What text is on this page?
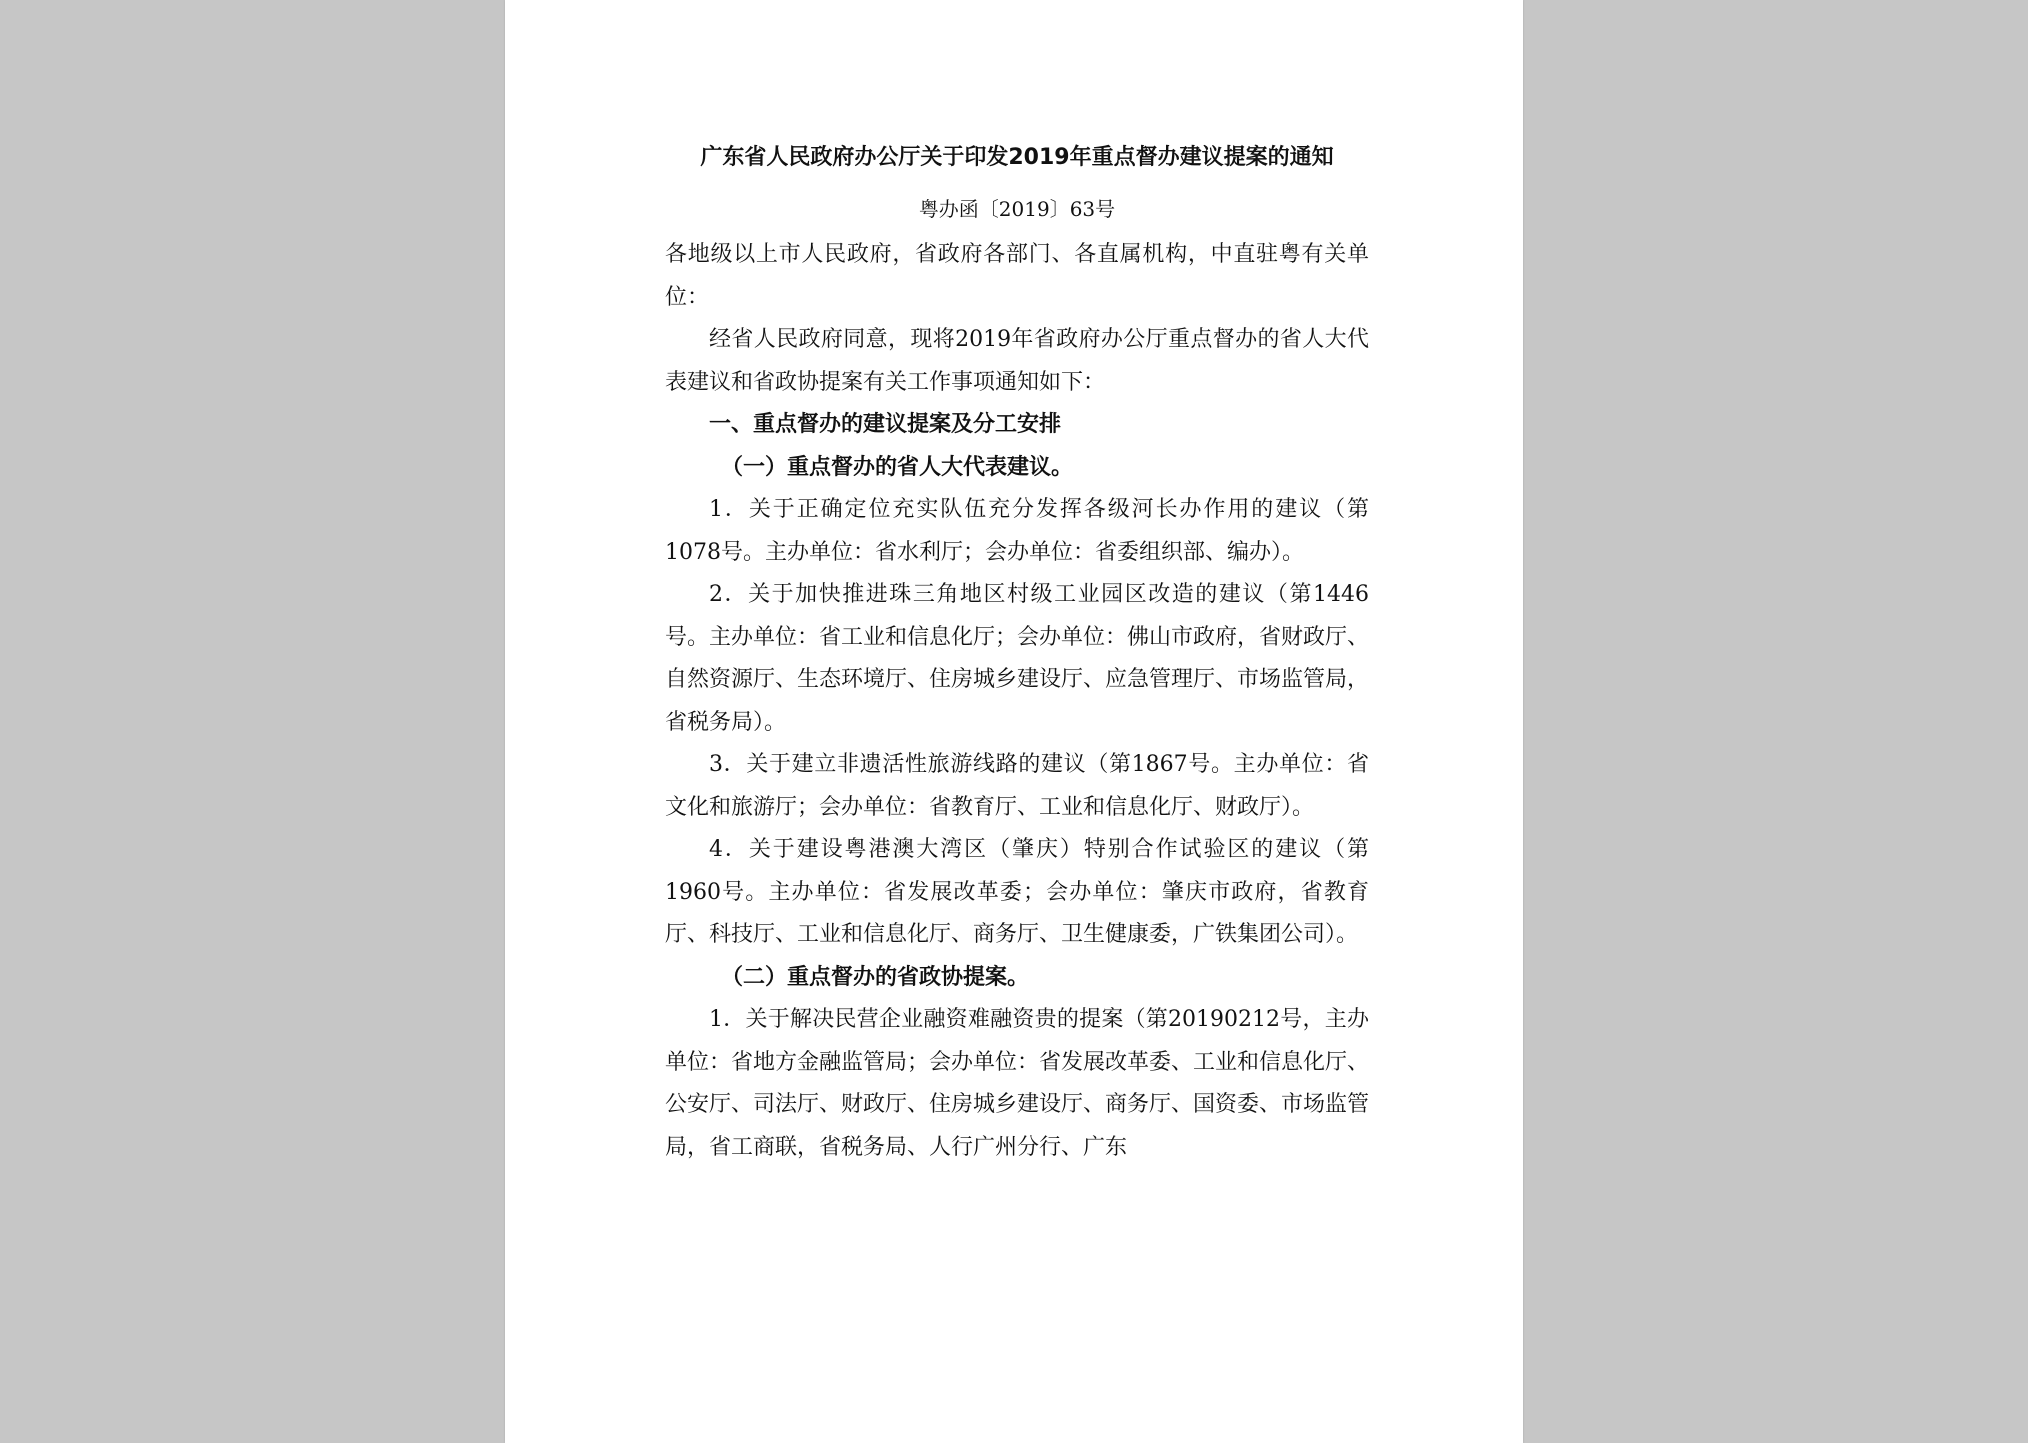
广东省人民政府办公厅关于印发2019年重点督办建议提案的通知
粤办函〔2019〕63号

各地级以上市人民政府，省政府各部门、各直属机构，中直驻粤有关单位：

经省人民政府同意，现将2019年省政府办公厅重点督办的省人大代表建议和省政协提案有关工作事项通知如下：

一、重点督办的建议提案及分工安排

（一）重点督办的省人大代表建议。

1．关于正确定位充实队伍充分发挥各级河长办作用的建议（第1078号。主办单位：省水利厅；会办单位：省委组织部、编办）。

2．关于加快推进珠三角地区村级工业园区改造的建议（第1446号。主办单位：省工业和信息化厅；会办单位：佛山市政府，省财政厅、自然资源厅、生态环境厅、住房城乡建设厅、应急管理厅、市场监管局，省税务局）。

3．关于建立非遗活性旅游线路的建议（第1867号。主办单位：省文化和旅游厅；会办单位：省教育厅、工业和信息化厅、财政厅）。

4．关于建设粤港澳大湾区（肇庆）特别合作试验区的建议（第1960号。主办单位：省发展改革委；会办单位：肇庆市政府，省教育厅、科技厅、工业和信息化厅、商务厅、卫生健康委，广铁集团公司）。

（二）重点督办的省政协提案。

1．关于解决民营企业融资难融资贵的提案（第20190212号，主办单位：省地方金融监管局；会办单位：省发展改革委、工业和信息化厅、公安厅、司法厅、财政厅、住房城乡建设厅、商务厅、国资委、市场监管局，省工商联，省税务局、人行广州分行、广东
